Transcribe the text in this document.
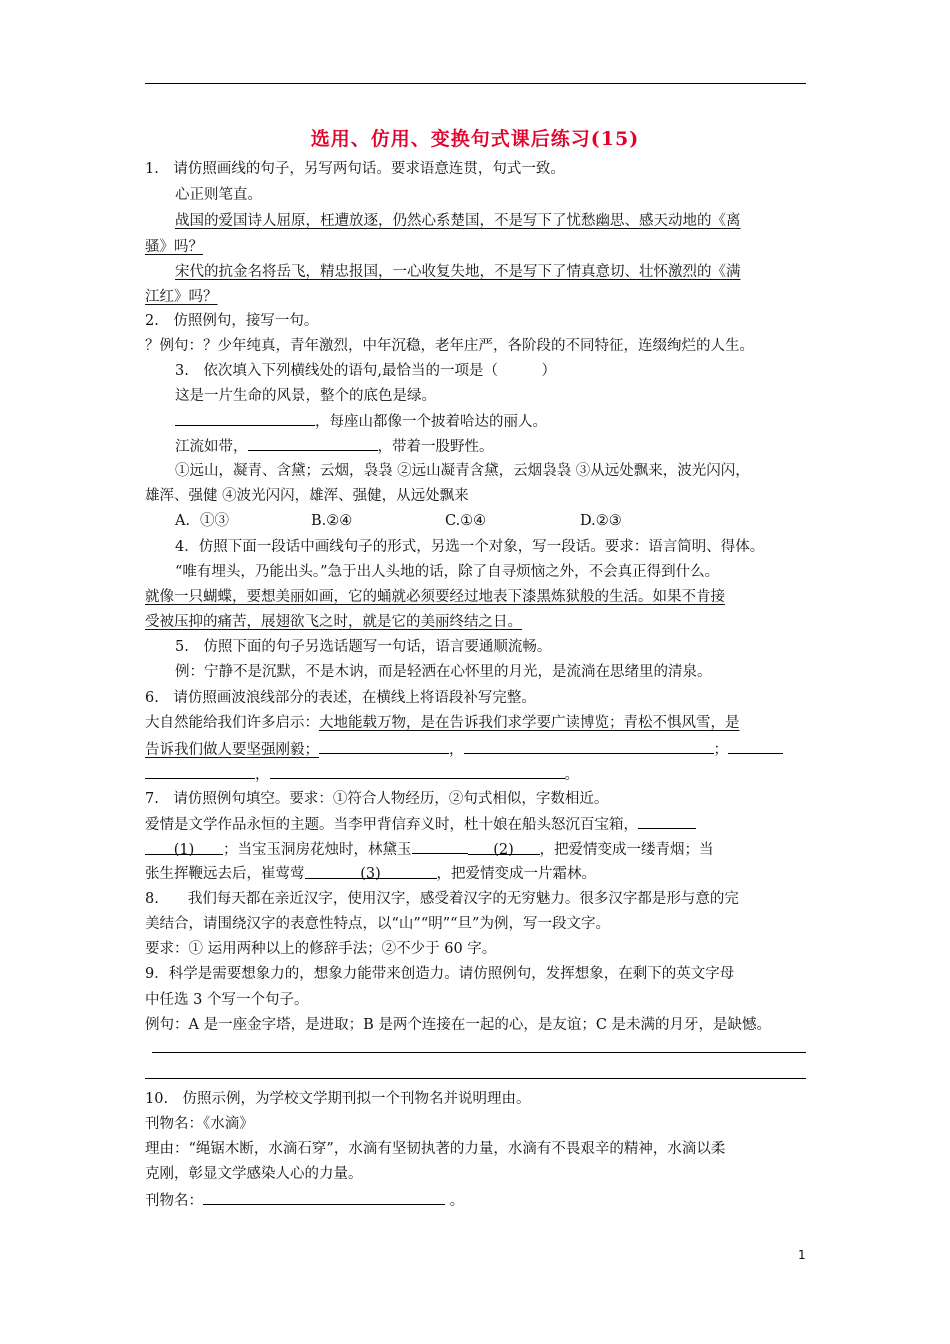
选用、仿用、变换句式课后练习(15)
1.　请仿照画线的句子，另写两句话。要求语意连贯，句式一致。
心正则笔直。
战国的爱国诗人屈原，枉遭放逐，仍然心系楚国，不是写下了忧愁幽思、感天动地的《离
骚》吗？
宋代的抗金名将岳飞，精忠报国，一心收复失地，不是写下了情真意切、壮怀激烈的《满
江红》吗？
2.　仿照例句，接写一句。
？例句：？少年纯真，青年激烈，中年沉稳，老年庄严，各阶段的不同特征，连缀绚烂的人生。
3.　依次填入下列横线处的语句,最恰当的一项是（　　　）
这是一片生命的风景，整个的底色是绿。
，每座山都像一个披着哈达的丽人。
江流如带，	，带着一股野性。
①远山，凝青、含黛；云烟，袅袅 ②远山凝青含黛，云烟袅袅 ③从远处飘来，波光闪闪，
雄浑、强健 ④波光闪闪，雄浑、强健，从远处飘来
A．①③	B.②④	C.①④	D.②③
4．仿照下面一段话中画线句子的形式，另选一个对象，写一段话。要求：语言简明、得体。
“唯有埋头，乃能出头。”急于出人头地的话，除了自寻烦恼之外，不会真正得到什么。
就像一只蝴蝶，要想美丽如画，它的蛹就必须要经过地表下漆黑炼狱般的生活。如果不肯接
受被压抑的痛苦，展翅欲飞之时，就是它的美丽终结之日。
5.　仿照下面的句子另选话题写一句话，语言要通顺流畅。
例：宁静不是沉默，不是木讷，而是轻洒在心怀里的月光，是流淌在思绪里的清泉。
6.　请仿照画波浪线部分的表述，在横线上将语段补写完整。
大自然能给我们许多启示：大地能载万物，是在告诉我们求学要广读博览；青松不惧风雪，是
告诉我们做人要坚强刚毅；	，	；
，	。
7.　请仿照例句填空。要求：①符合人物经历，②句式相似，字数相近。
爱情是文学作品永恒的主题。当李甲背信弃义时，杜十娘在船头怒沉百宝箱，
(1) ；当宝玉洞房花烛时，林黛玉	(2) ，把爱情变成一缕青烟；当
张生挥鞭远去后，崔莺莺	(3)	，把爱情变成一片霜林。
8.　　我们每天都在亲近汉字，使用汉字，感受着汉字的无穷魅力。很多汉字都是形与意的完
美结合，请围绕汉字的表意性特点，以“山”“明”“旦”为例，写一段文字。
要求：① 运用两种以上的修辞手法；②不少于 60 字。
9．科学是需要想象力的，想象力能带来创造力。请仿照例句，发挥想象，在剩下的英文字母
中任选 3 个写一个句子。
例句：A 是一座金字塔，是进取；B 是两个连接在一起的心，是友谊；C 是未满的月牙，是缺憾。
10.　仿照示例，为学校文学期刊拟一个刊物名并说明理由。
刊物名：《水滴》
理由：“绳锯木断，水滴石穿”，水滴有坚韧执著的力量，水滴有不畏艰辛的精神，水滴以柔
克刚，彰显文学感染人心的力量。
刊物名：	。
1
